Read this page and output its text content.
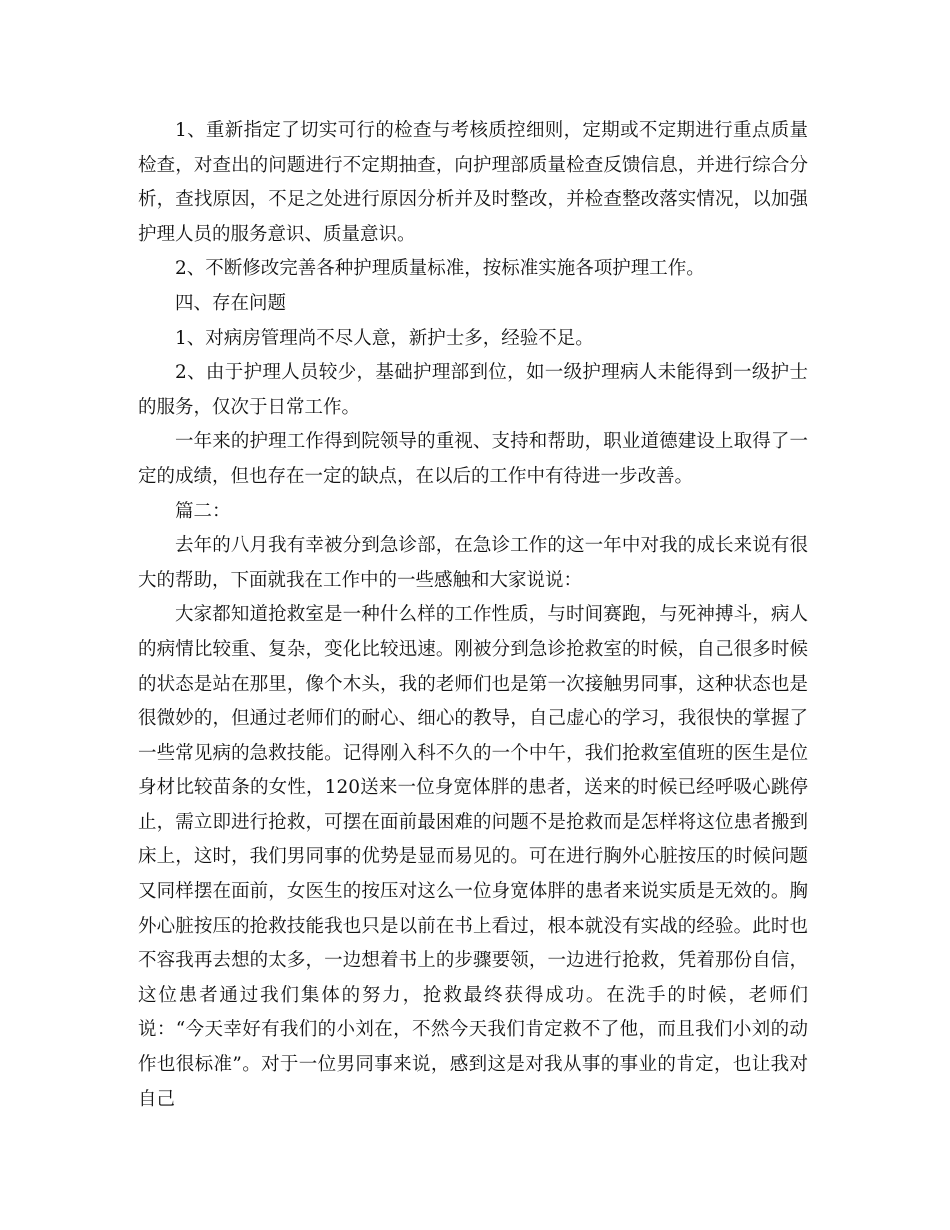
1、重新指定了切实可行的检查与考核质控细则，定期或不定期进行重点质量检查，对查出的问题进行不定期抽查，向护理部质量检查反馈信息，并进行综合分析，查找原因，不足之处进行原因分析并及时整改，并检查整改落实情况，以加强护理人员的服务意识、质量意识。

2、不断修改完善各种护理质量标准，按标准实施各项护理工作。

四、存在问题

1、对病房管理尚不尽人意，新护士多，经验不足。

2、由于护理人员较少，基础护理部到位，如一级护理病人未能得到一级护士的服务，仅次于日常工作。

一年来的护理工作得到院领导的重视、支持和帮助，职业道德建设上取得了一定的成绩，但也存在一定的缺点，在以后的工作中有待进一步改善。

篇二：

去年的八月我有幸被分到急诊部，在急诊工作的这一年中对我的成长来说有很大的帮助，下面就我在工作中的一些感触和大家说说：

大家都知道抢救室是一种什么样的工作性质，与时间赛跑，与死神搏斗，病人的病情比较重、复杂，变化比较迅速。刚被分到急诊抢救室的时候，自己很多时候的状态是站在那里，像个木头，我的老师们也是第一次接触男同事，这种状态也是很微妙的，但通过老师们的耐心、细心的教导，自己虚心的学习，我很快的掌握了一些常见病的急救技能。记得刚入科不久的一个中午，我们抢救室值班的医生是位身材比较苗条的女性，120送来一位身宽体胖的患者，送来的时候已经呼吸心跳停止，需立即进行抢救，可摆在面前最困难的问题不是抢救而是怎样将这位患者搬到床上，这时，我们男同事的优势是显而易见的。可在进行胸外心脏按压的时候问题又同样摆在面前，女医生的按压对这么一位身宽体胖的患者来说实质是无效的。胸外心脏按压的抢救技能我也只是以前在书上看过，根本就没有实战的经验。此时也不容我再去想的太多，一边想着书上的步骤要领，一边进行抢救，凭着那份自信，这位患者通过我们集体的努力，抢救最终获得成功。在洗手的时候，老师们说：“今天幸好有我们的小刘在，不然今天我们肯定救不了他，而且我们小刘的动作也很标准”。对于一位男同事来说，感到这是对我从事的事业的肯定，也让我对自己
